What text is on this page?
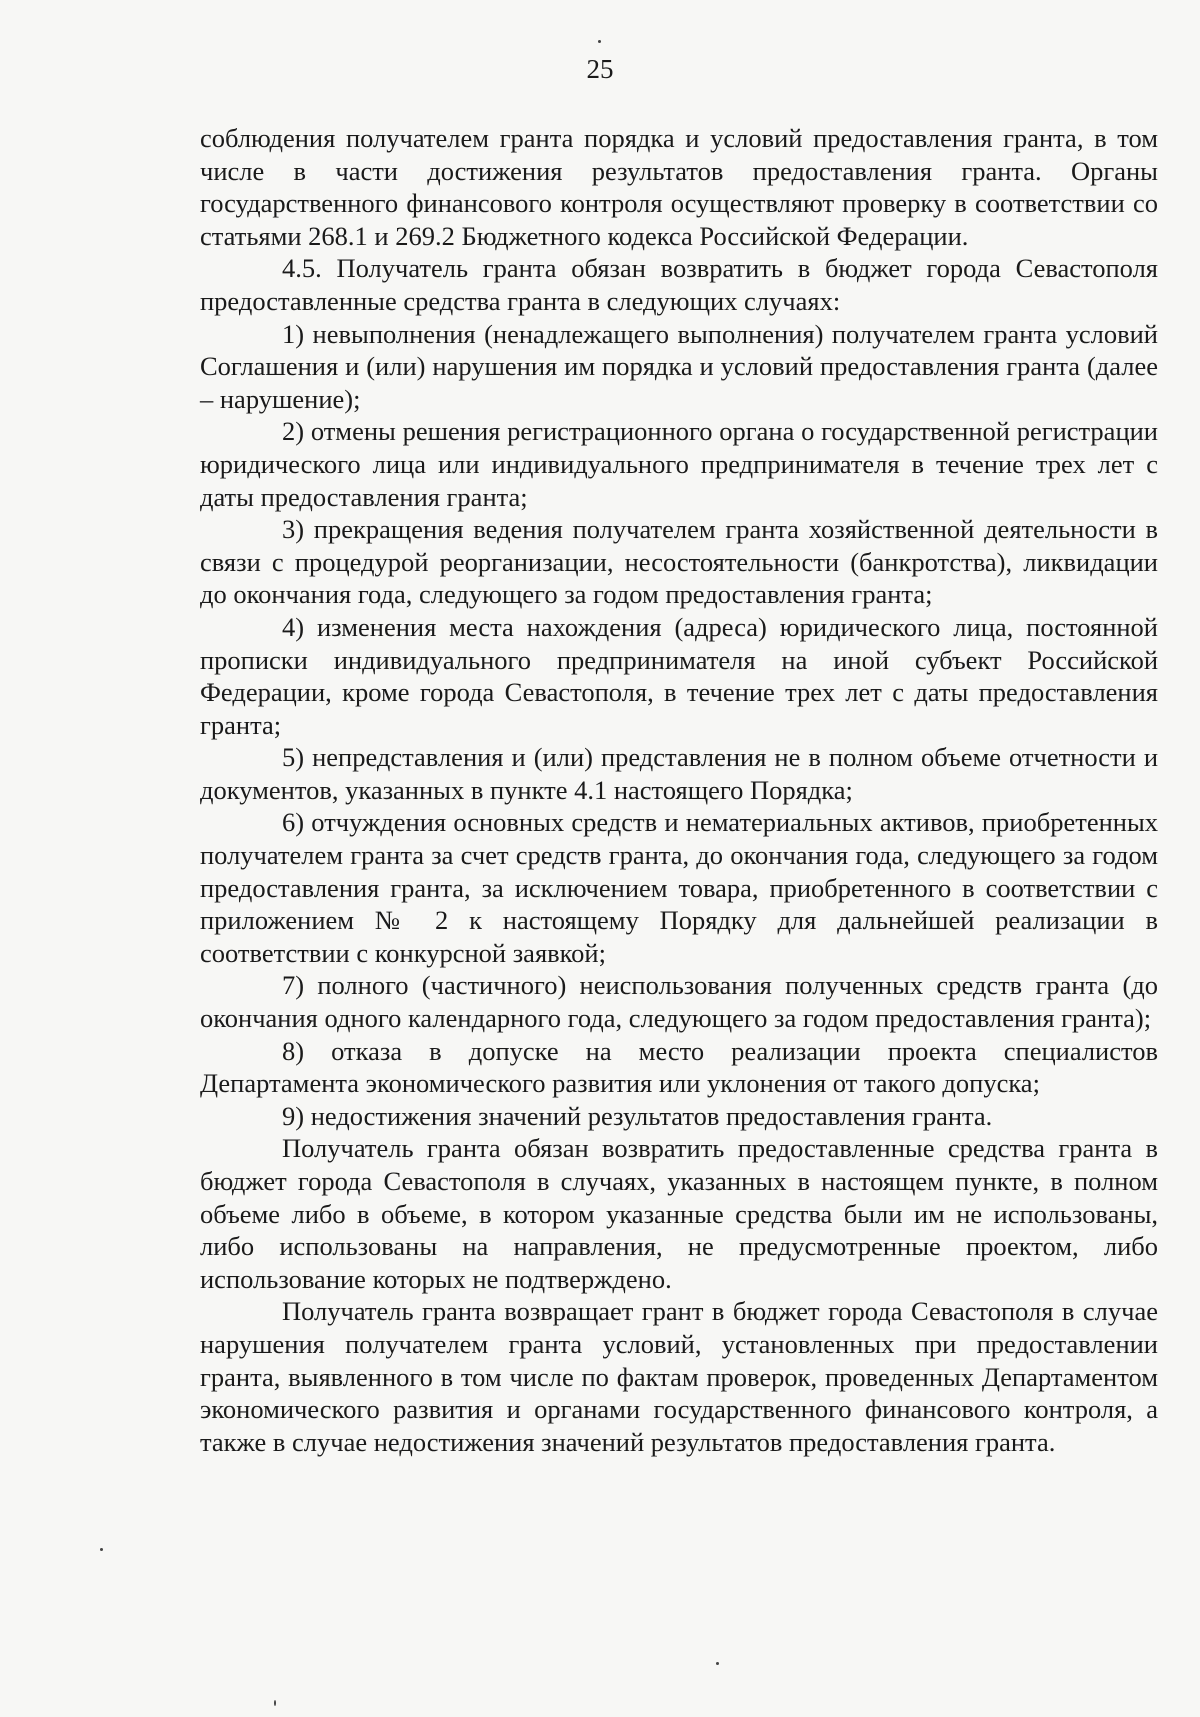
25

соблюдения получателем гранта порядка и условий предоставления гранта, в том числе в части достижения результатов предоставления гранта. Органы государственного финансового контроля осуществляют проверку в соответствии со статьями 268.1 и 269.2 Бюджетного кодекса Российской Федерации.

4.5. Получатель гранта обязан возвратить в бюджет города Севастополя предоставленные средства гранта в следующих случаях:

1) невыполнения (ненадлежащего выполнения) получателем гранта условий Соглашения и (или) нарушения им порядка и условий предоставления гранта (далее – нарушение);

2) отмены решения регистрационного органа о государственной регистрации юридического лица или индивидуального предпринимателя в течение трех лет с даты предоставления гранта;

3) прекращения ведения получателем гранта хозяйственной деятельности в связи с процедурой реорганизации, несостоятельности (банкротства), ликвидации до окончания года, следующего за годом предоставления гранта;

4) изменения места нахождения (адреса) юридического лица, постоянной прописки индивидуального предпринимателя на иной субъект Российской Федерации, кроме города Севастополя, в течение трех лет с даты предоставления гранта;

5) непредставления и (или) представления не в полном объеме отчетности и документов, указанных в пункте 4.1 настоящего Порядка;

6) отчуждения основных средств и нематериальных активов, приобретенных получателем гранта за счет средств гранта, до окончания года, следующего за годом предоставления гранта, за исключением товара, приобретенного в соответствии с приложением № 2 к настоящему Порядку для дальнейшей реализации в соответствии с конкурсной заявкой;

7) полного (частичного) неиспользования полученных средств гранта (до окончания одного календарного года, следующего за годом предоставления гранта);

8) отказа в допуске на место реализации проекта специалистов Департамента экономического развития или уклонения от такого допуска;

9) недостижения значений результатов предоставления гранта.

Получатель гранта обязан возвратить предоставленные средства гранта в бюджет города Севастополя в случаях, указанных в настоящем пункте, в полном объеме либо в объеме, в котором указанные средства были им не использованы, либо использованы на направления, не предусмотренные проектом, либо использование которых не подтверждено.

Получатель гранта возвращает грант в бюджет города Севастополя в случае нарушения получателем гранта условий, установленных при предоставлении гранта, выявленного в том числе по фактам проверок, проведенных Департаментом экономического развития и органами государственного финансового контроля, а также в случае недостижения значений результатов предоставления гранта.
